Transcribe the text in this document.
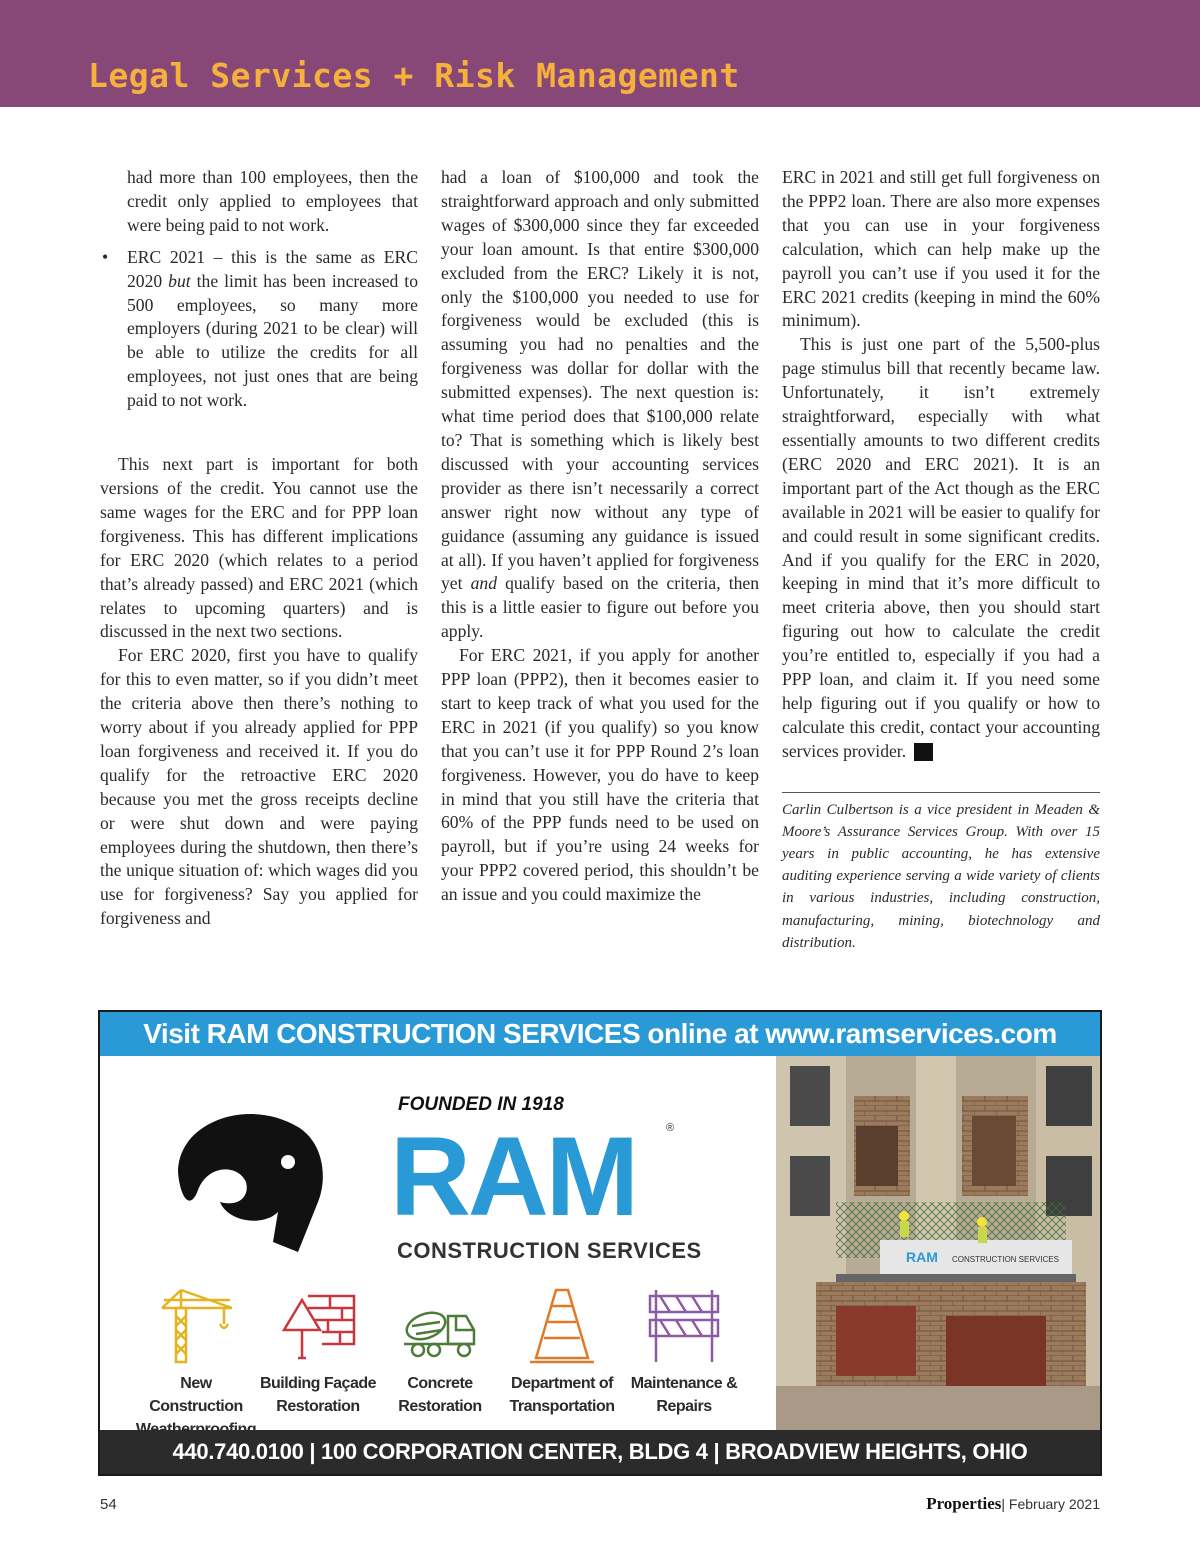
Legal Services + Risk Management

had more than 100 employees, then the credit only applied to employees that were being paid to not work.

• ERC 2021 – this is the same as ERC 2020 but the limit has been increased to 500 employees, so many more employers (during 2021 to be clear) will be able to utilize the credits for all employees, not just ones that are being paid to not work.

This next part is important for both versions of the credit. You cannot use the same wages for the ERC and for PPP loan forgiveness. This has different implications for ERC 2020 (which relates to a period that’s already passed) and ERC 2021 (which relates to upcoming quarters) and is discussed in the next two sections.

For ERC 2020, first you have to qualify for this to even matter, so if you didn’t meet the criteria above then there’s nothing to worry about if you already applied for PPP loan forgiveness and received it. If you do qualify for the retroactive ERC 2020 because you met the gross receipts decline or were shut down and were paying employees during the shutdown, then there’s the unique situation of: which wages did you use for forgiveness? Say you applied for forgiveness and

had a loan of $100,000 and took the straightforward approach and only submitted wages of $300,000 since they far exceeded your loan amount. Is that entire $300,000 excluded from the ERC? Likely it is not, only the $100,000 you needed to use for forgiveness would be excluded (this is assuming you had no penalties and the forgiveness was dollar for dollar with the submitted expenses). The next question is: what time period does that $100,000 relate to? That is something which is likely best discussed with your accounting services provider as there isn’t necessarily a correct answer right now without any type of guidance (assuming any guidance is issued at all). If you haven’t applied for forgiveness yet and qualify based on the criteria, then this is a little easier to figure out before you apply.

For ERC 2021, if you apply for another PPP loan (PPP2), then it becomes easier to start to keep track of what you used for the ERC in 2021 (if you qualify) so you know that you can’t use it for PPP Round 2’s loan forgiveness. However, you do have to keep in mind that you still have the criteria that 60% of the PPP funds need to be used on payroll, but if you’re using 24 weeks for your PPP2 covered period, this shouldn’t be an issue and you could maximize the

ERC in 2021 and still get full forgiveness on the PPP2 loan. There are also more expenses that you can use in your forgiveness calculation, which can help make up the payroll you can’t use if you used it for the ERC 2021 credits (keeping in mind the 60% minimum).

This is just one part of the 5,500-plus page stimulus bill that recently became law. Unfortunately, it isn’t extremely straightforward, especially with what essentially amounts to two different credits (ERC 2020 and ERC 2021). It is an important part of the Act though as the ERC available in 2021 will be easier to qualify for and could result in some significant credits. And if you qualify for the ERC in 2020, keeping in mind that it’s more difficult to meet criteria above, then you should start figuring out how to calculate the credit you’re entitled to, especially if you had a PPP loan, and claim it. If you need some help figuring out if you qualify or how to calculate this credit, contact your accounting services provider. P

Carlin Culbertson is a vice president in Meaden & Moore’s Assurance Services Group. With over 15 years in public accounting, he has extensive auditing experience serving a wide variety of clients in various industries, including construction, manufacturing, mining, biotechnology and distribution.

Visit RAM CONSTRUCTION SERVICES online at www.ramservices.com
FOUNDED IN 1918
RAM	®
CONSTRUCTION SERVICES
New Construction

Building Façade
Restoration
Concrete
Restoration
Department of
Transportation
Maintenance &
Repairs
RAM CONSTRUCTION SERVICES
440.740.0100 | 100 CORPORATION CENTER, BLDG 4 | BROADVIEW HEIGHTS, OHIO
54	Properties| February 2021
